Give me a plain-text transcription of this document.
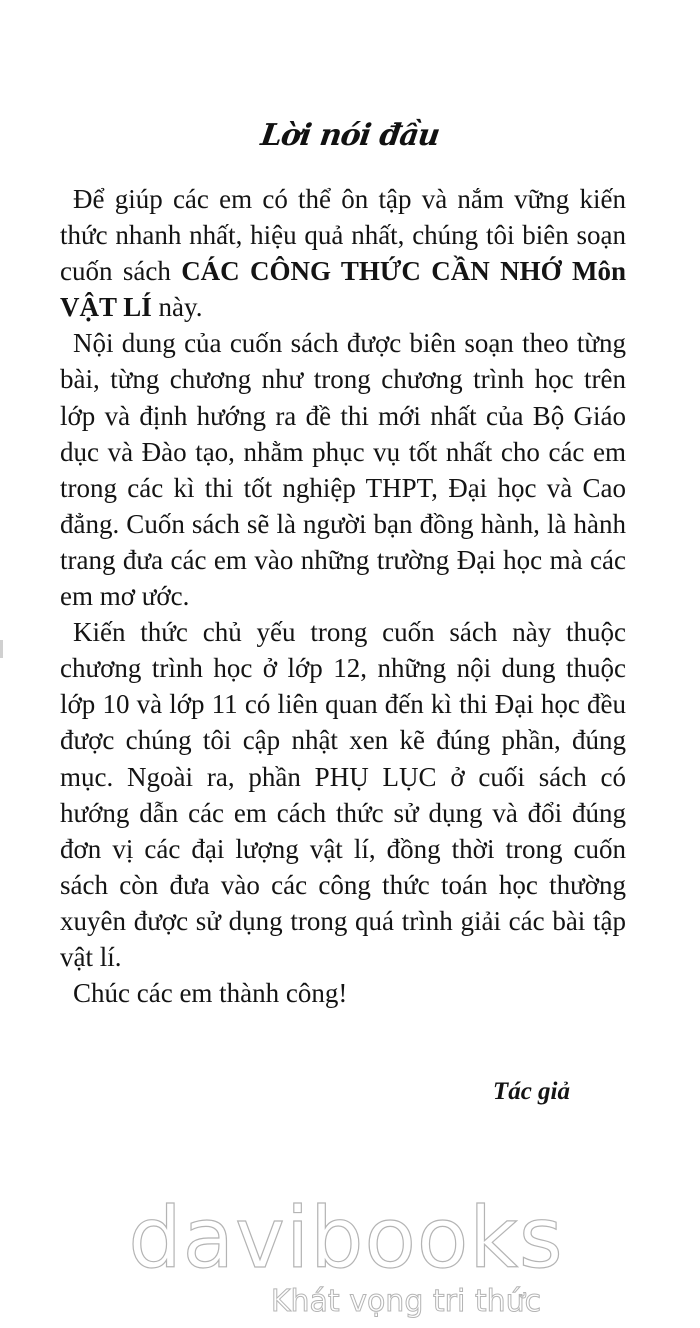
Lời nói đầu

Để giúp các em có thể ôn tập và nắm vững kiến thức nhanh nhất, hiệu quả nhất, chúng tôi biên soạn cuốn sách CÁC CÔNG THỨC CẦN NHỚ Môn VẬT LÍ này.

Nội dung của cuốn sách được biên soạn theo từng bài, từng chương như trong chương trình học trên lớp và định hướng ra đề thi mới nhất của Bộ Giáo dục và Đào tạo, nhằm phục vụ tốt nhất cho các em trong các kì thi tốt nghiệp THPT, Đại học và Cao đẳng. Cuốn sách sẽ là người bạn đồng hành, là hành trang đưa các em vào những trường Đại học mà các em mơ ước.

Kiến thức chủ yếu trong cuốn sách này thuộc chương trình học ở lớp 12, những nội dung thuộc lớp 10 và lớp 11 có liên quan đến kì thi Đại học đều được chúng tôi cập nhật xen kẽ đúng phần, đúng mục. Ngoài ra, phần PHỤ LỤC ở cuối sách có hướng dẫn các em cách thức sử dụng và đổi đúng đơn vị các đại lượng vật lí, đồng thời trong cuốn sách còn đưa vào các công thức toán học thường xuyên được sử dụng trong quá trình giải các bài tập vật lí.

Chúc các em thành công!

Tác giả
davibooks
Khát vọng tri thức
